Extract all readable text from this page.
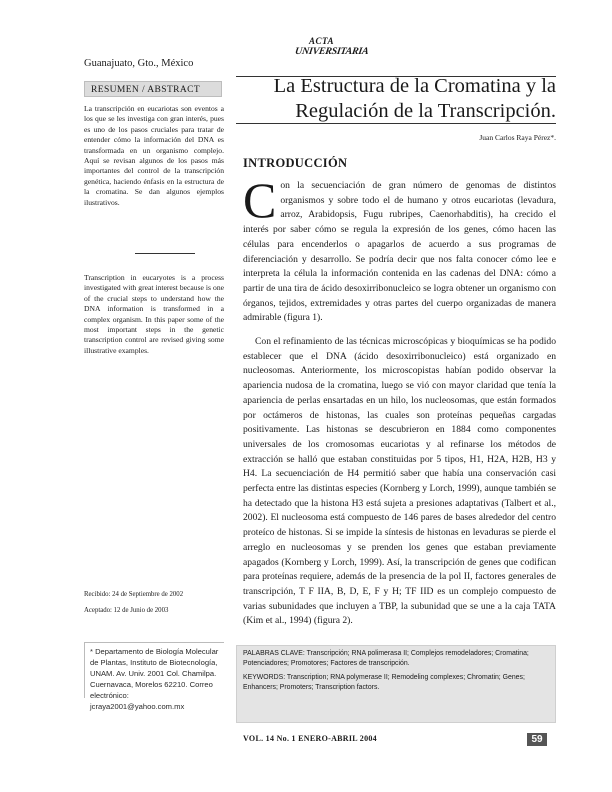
Guanajuato, Gto., México
ACTA
UNIVERSITARIA
RESUMEN / ABSTRACT	La Estructura de la Cromatina y la Regulación de la Transcripción.
Juan Carlos Raya Pérez*.
La transcripción en eucariotas son eventos a los que se les investiga con gran interés, pues es uno de los pasos cruciales para tratar de entender cómo la información del DNA es transformada en un organismo complejo. Aquí se revisan algunos de los pasos más importantes del control de la transcripción genética, haciendo énfasis en la estructura de la cromatina. Se dan algunos ejemplos ilustrativos.
Transcription in eucaryotes is a process investigated with great interest because is one of the crucial steps to understand how the DNA information is transformed in a complex organism. In this paper some of the most important steps in the genetic transcription control are revised giving some illustrative examples.
Recibido: 24 de Septiembre de 2002
Aceptado: 12 de Junio de 2003
* Departamento de Biología Molecular de Plantas, Instituto de Biotecnología, UNAM. Av. Univ. 2001 Col. Chamilpa. Cuernavaca, Morelos 62210. Correo electrónico: jcraya2001@yahoo.com.mx
INTRODUCCIÓN

Con la secuenciación de gran número de genomas de distintos organismos y sobre todo el de humano y otros eucariotas (levadura, arroz, Arabidopsis, Fugu rubripes, Caenorhabditis), ha crecido el interés por saber cómo se regula la expresión de los genes, cómo hacen las células para encenderlos o apagarlos de acuerdo a sus programas de diferenciación y desarrollo. Se podría decir que nos falta conocer cómo lee e interpreta la célula la información contenida en las cadenas del DNA: cómo a partir de una tira de ácido desoxirribonucleico se logra obtener un organismo con órganos, tejidos, extremidades y otras partes del cuerpo organizadas de manera admirable (figura 1).

Con el refinamiento de las técnicas microscópicas y bioquímicas se ha podido establecer que el DNA (ácido desoxirribonucleico) está organizado en nucleosomas. Anteriormente, los microscopistas habían podido observar la apariencia nudosa de la cromatina, luego se vió con mayor claridad que tenía la apariencia de perlas ensartadas en un hilo, los nucleosomas, que están formados por octámeros de histonas, las cuales son proteínas pequeñas cargadas positivamente. Las histonas se descubrieron en 1884 como componentes universales de los cromosomas eucariotas y al refinarse los métodos de extracción se halló que estaban constituidas por 5 tipos, H1, H2A, H2B, H3 y H4. La secuenciación de H4 permitió saber que había una conservación casi perfecta entre las distintas especies (Kornberg y Lorch, 1999), aunque también se ha detectado que la histona H3 está sujeta a presiones adaptativas (Talbert et al., 2002). El nucleosoma está compuesto de 146 pares de bases alrededor del centro proteíco de histonas. Si se impide la síntesis de histonas en levaduras se pierde el arreglo en nucleosomas y se prenden los genes que estaban previamente apagados (Kornberg y Lorch, 1999). Así, la transcripción de genes que codifican para proteínas requiere, además de la presencia de la pol II, factores generales de transcripción, T F IIA, B, D, E, F y H; TF IID es un complejo compuesto de varias subunidades que incluyen a TBP, la subunidad que se une a la caja TATA (Kim et al., 1994) (figura 2).

PALABRAS CLAVE: Transcripción; RNA polimerasa II; Complejos remodeladores; Cromatina; Potenciadores; Promotores; Factores de transcripción.

KEYWORDS: Transcription; RNA polymerase II; Remodeling complexes; Chromatin; Genes; Enhancers; Promoters; Transcription factors.

VOL. 14 No. 1 ENERO-ABRIL 2004	59
